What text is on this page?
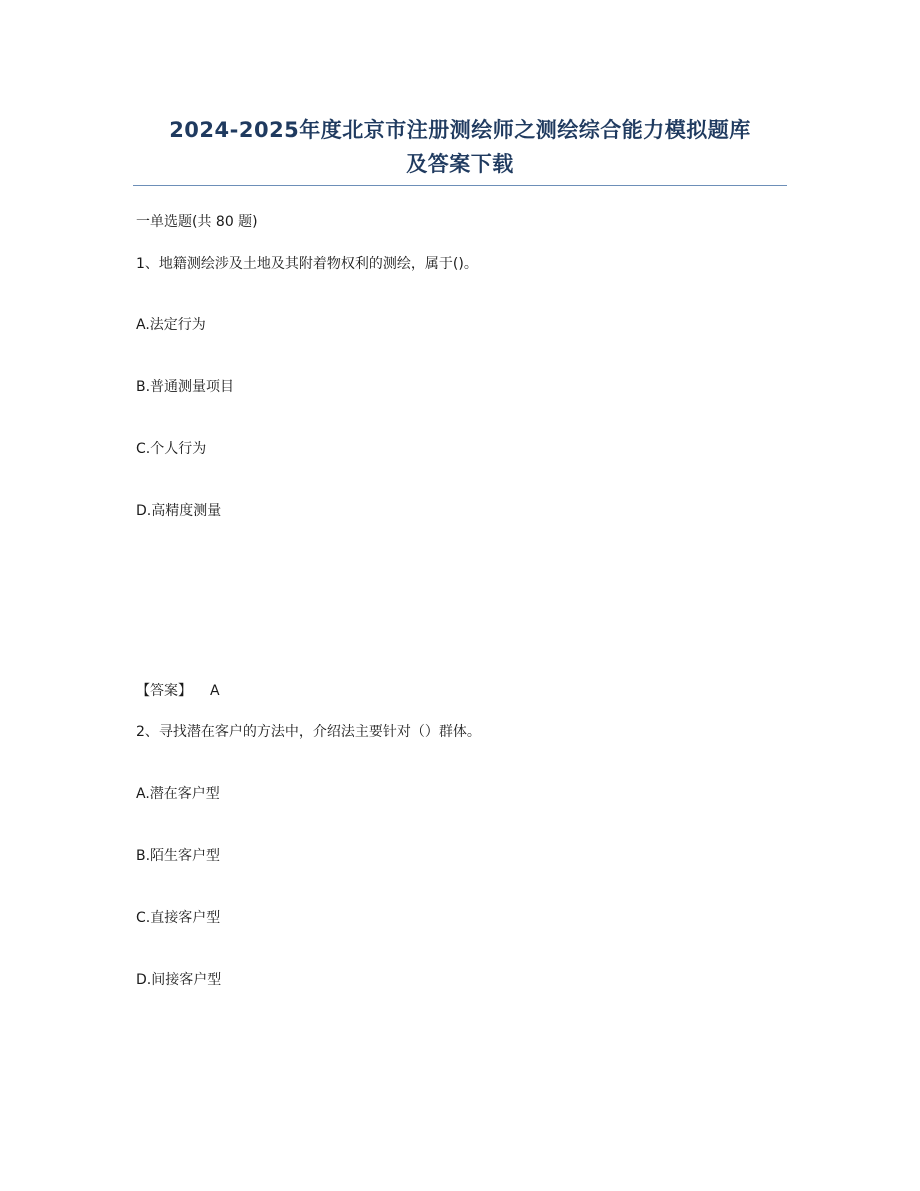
2024-2025年度北京市注册测绘师之测绘综合能力模拟题库
及答案下载
一单选题(共 80 题)
1、地籍测绘涉及土地及其附着物权利的测绘，属于()。
A.法定行为
B.普通测量项目
C.个人行为
D.高精度测量
【答案】 A
2、寻找潜在客户的方法中，介绍法主要针对（）群体。
A.潜在客户型
B.陌生客户型
C.直接客户型
D.间接客户型
